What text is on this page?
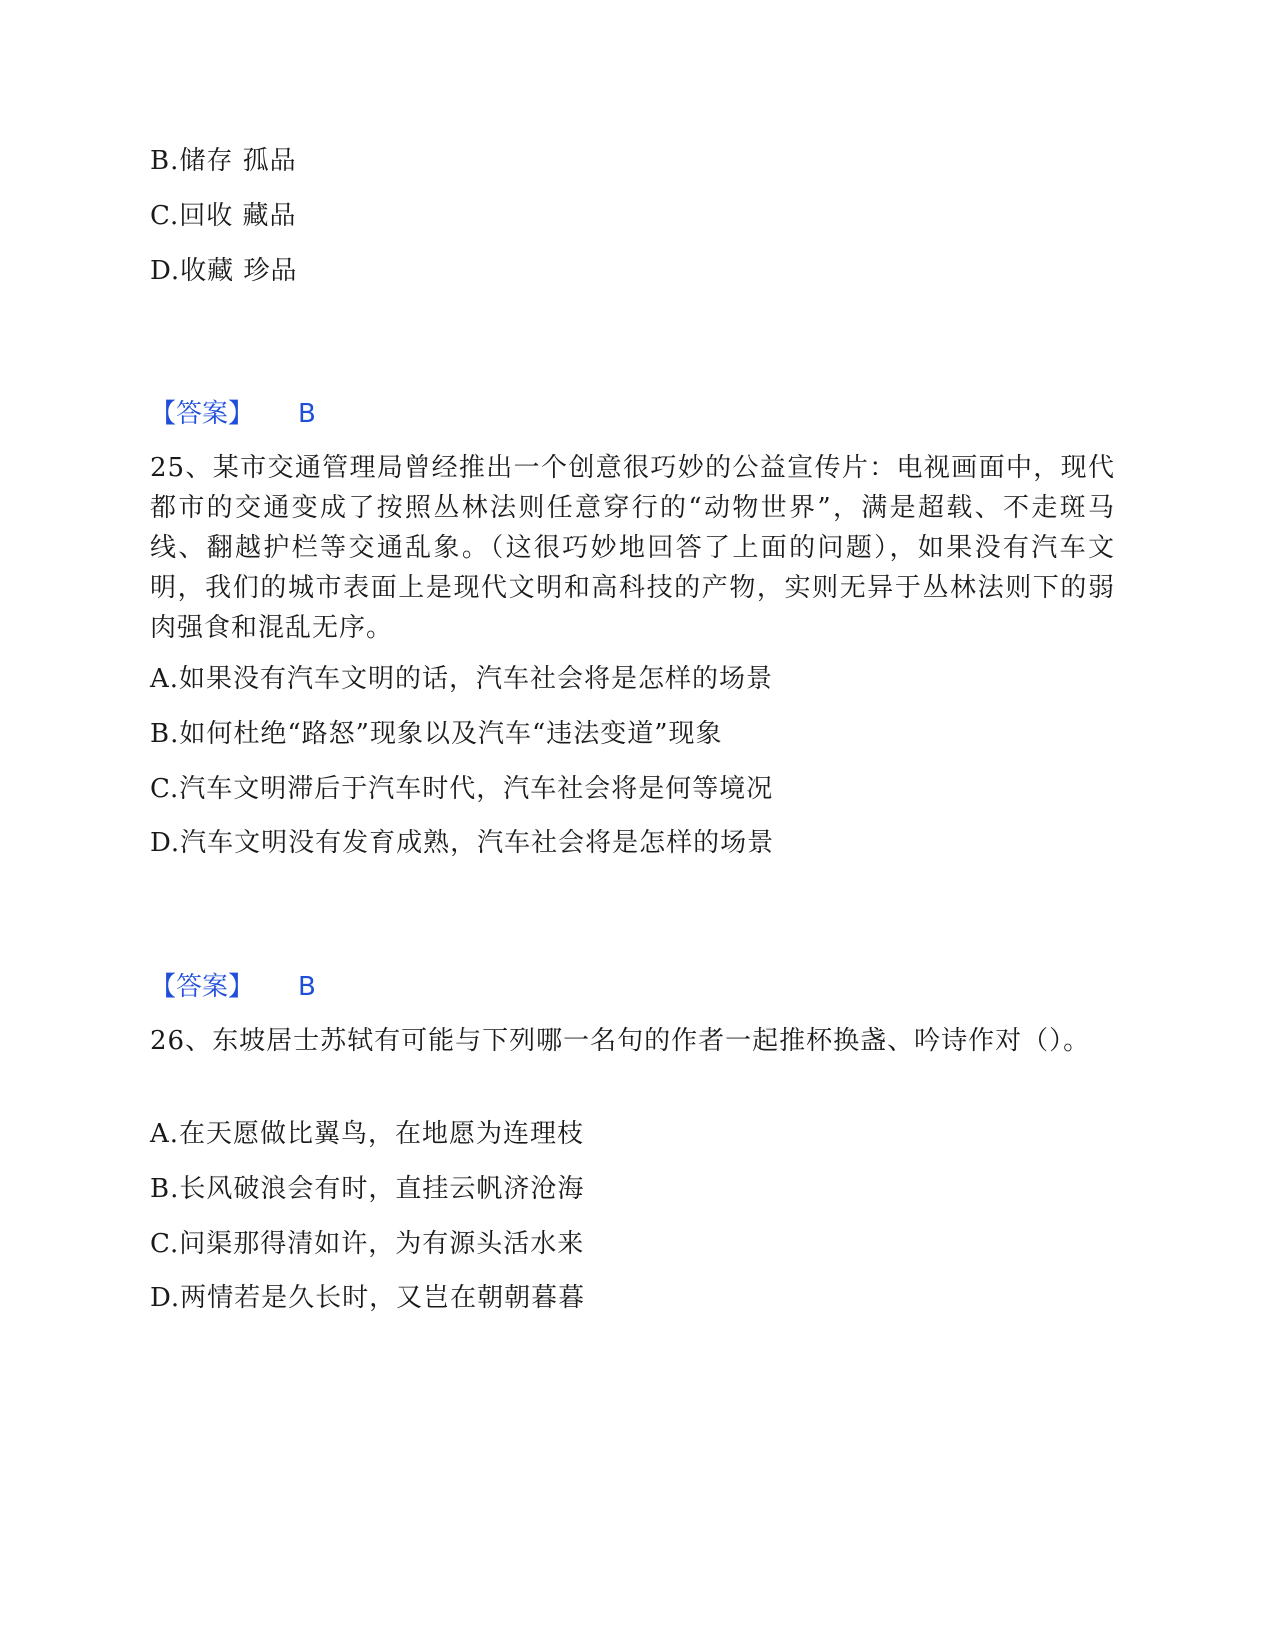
B.储存 孤品
C.回收 藏品
D.收藏 珍品
【答案】 B
25、某市交通管理局曾经推出一个创意很巧妙的公益宣传片：电视画面中，现代都市的交通变成了按照丛林法则任意穿行的“动物世界”，满是超载、不走斑马线、翻越护栏等交通乱象。（这很巧妙地回答了上面的问题），如果没有汽车文明，我们的城市表面上是现代文明和高科技的产物，实则无异于丛林法则下的弱肉强食和混乱无序。
A.如果没有汽车文明的话，汽车社会将是怎样的场景
B.如何杜绝“路怒”现象以及汽车“违法变道”现象
C.汽车文明滞后于汽车时代，汽车社会将是何等境况
D.汽车文明没有发育成熟，汽车社会将是怎样的场景
【答案】 B
26、东坡居士苏轼有可能与下列哪一名句的作者一起推杯换盏、吟诗作对（）。
A.在天愿做比翼鸟，在地愿为连理枝
B.长风破浪会有时，直挂云帆济沧海
C.问渠那得清如许，为有源头活水来
D.两情若是久长时，又岂在朝朝暮暮
